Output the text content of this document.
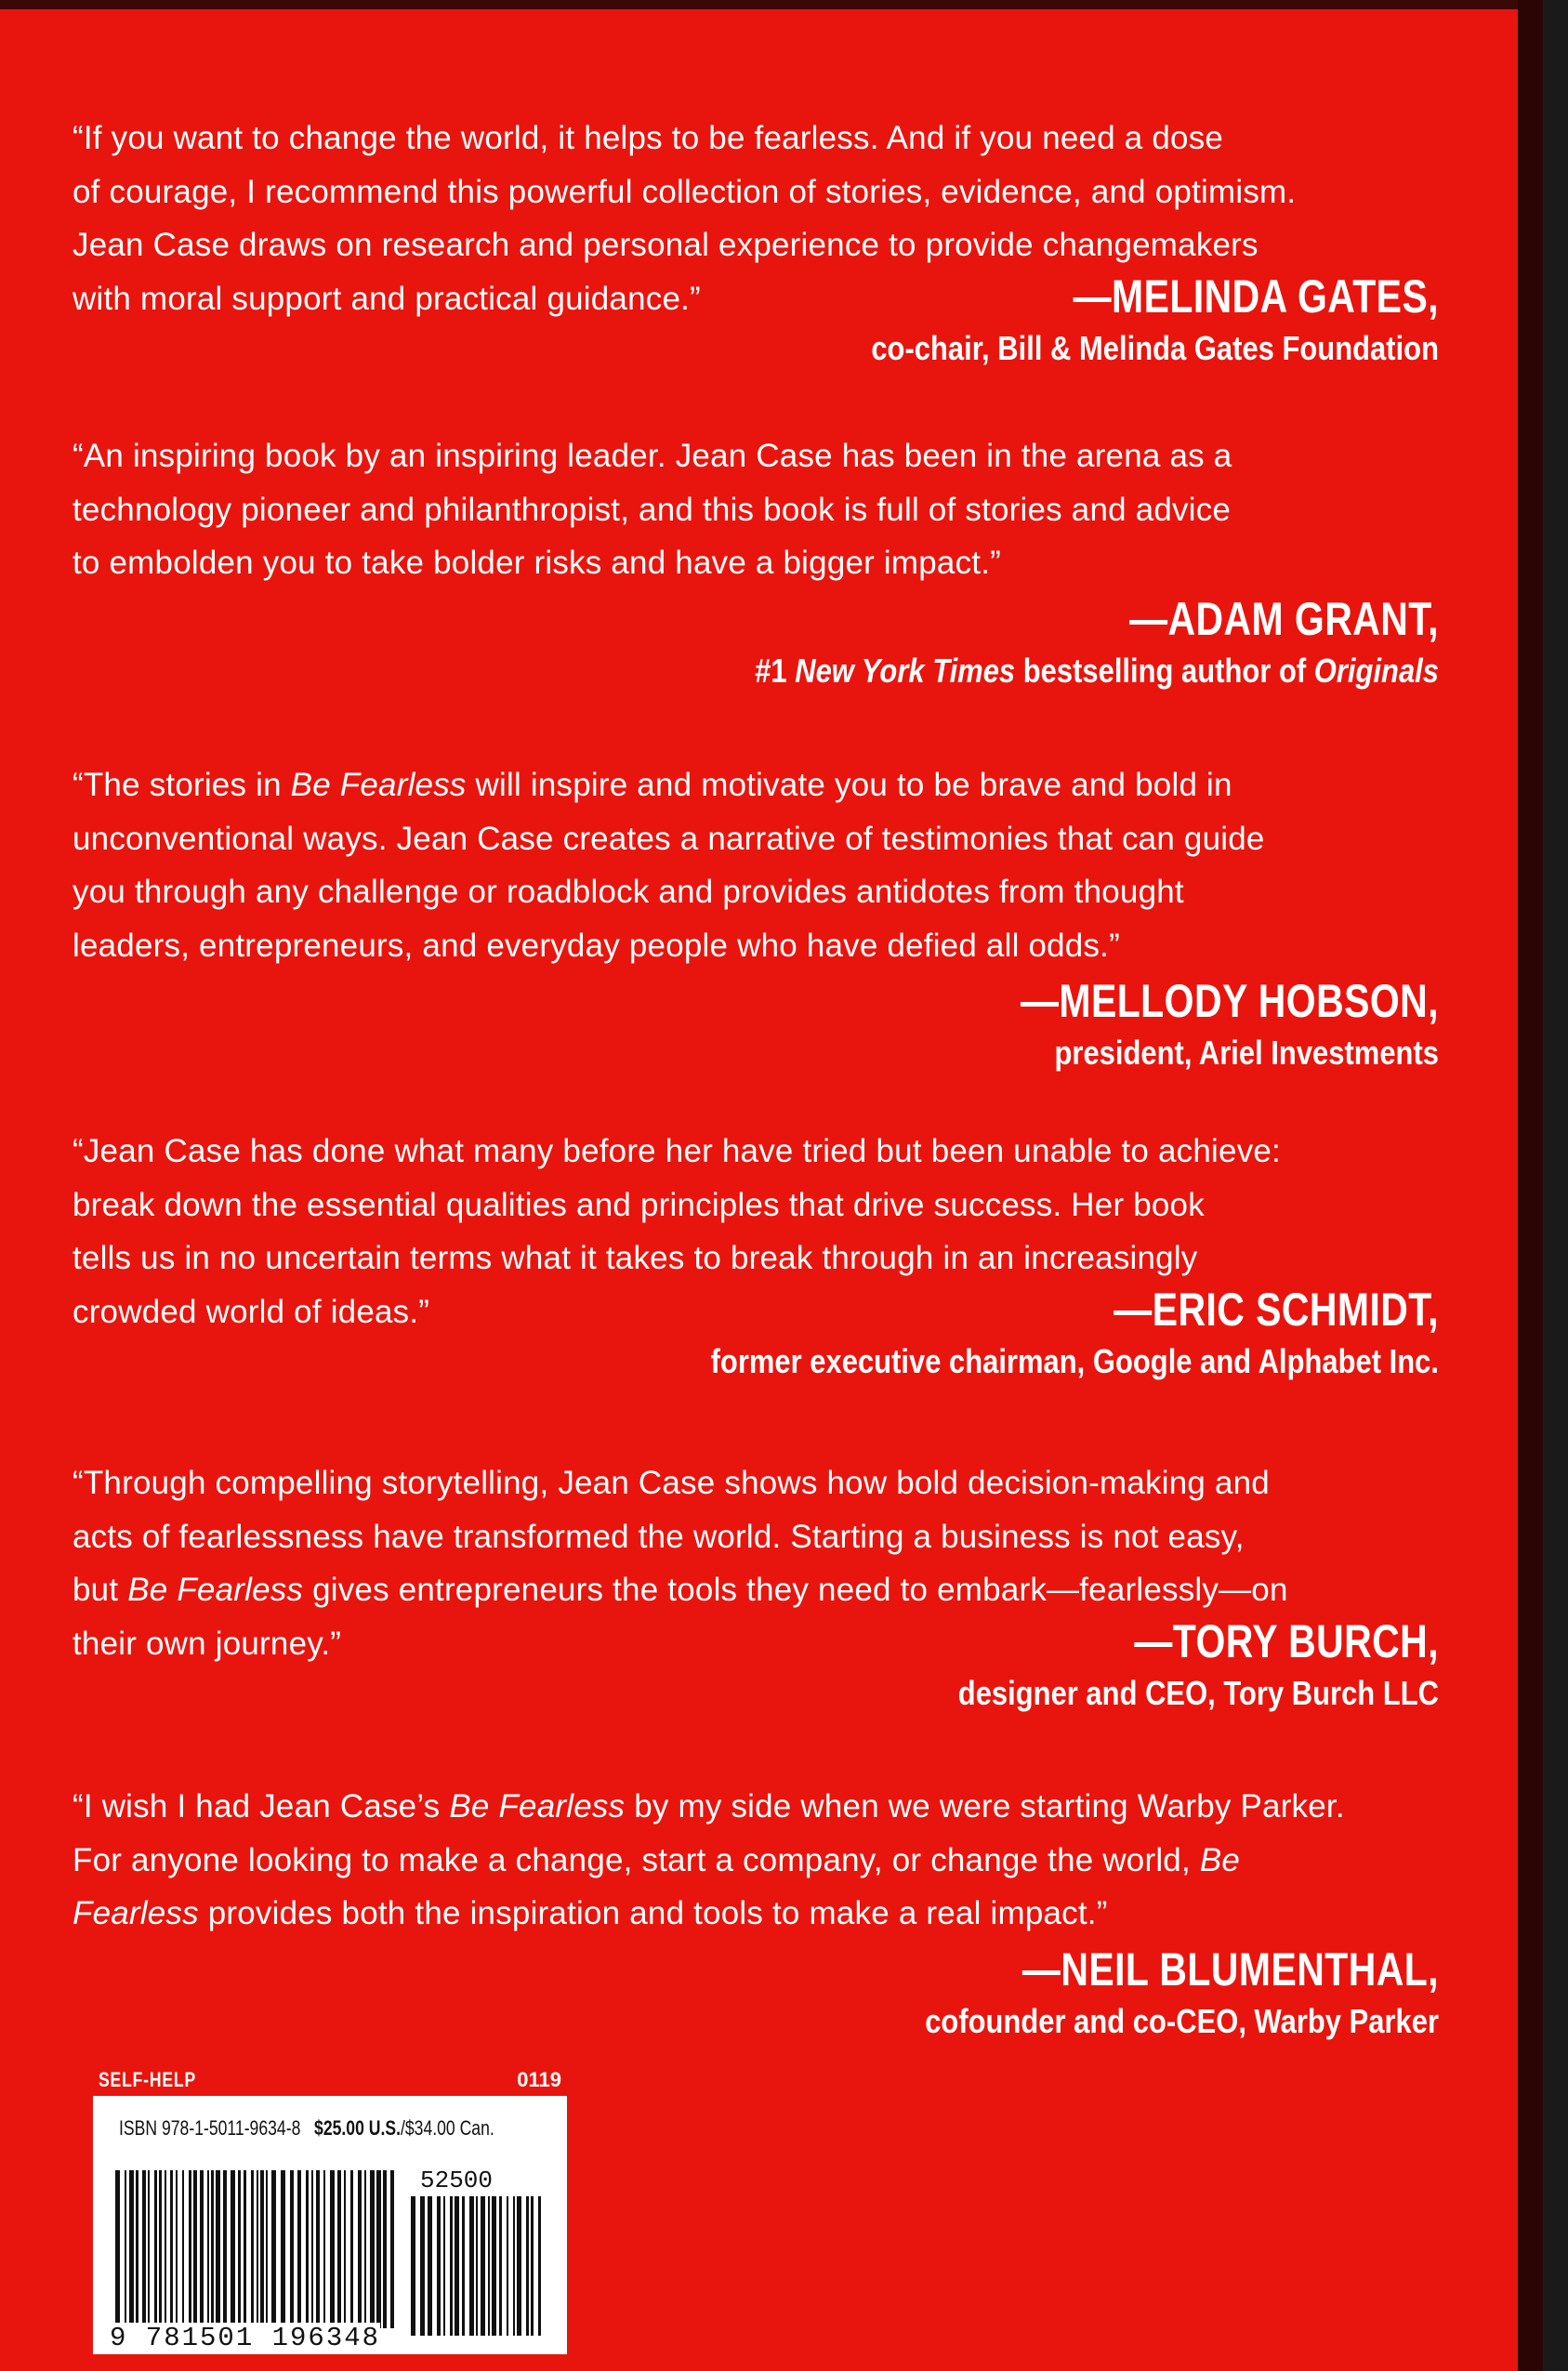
“If you want to change the world, it helps to be fearless. And if you need a dose
of courage, I recommend this powerful collection of stories, evidence, and optimism.
Jean Case draws on research and personal experience to provide changemakers
with moral support and practical guidance.”	—MELINDA GATES,
co-chair, Bill & Melinda Gates Foundation

“An inspiring book by an inspiring leader. Jean Case has been in the arena as a
technology pioneer and philanthropist, and this book is full of stories and advice
to embolden you to take bolder risks and have a bigger impact.”

—ADAM GRANT,
#1 New York Times bestselling author of Originals

“The stories in Be Fearless will inspire and motivate you to be brave and bold in
unconventional ways. Jean Case creates a narrative of testimonies that can guide
you through any challenge or roadblock and provides antidotes from thought
leaders, entrepreneurs, and everyday people who have defied all odds.”

—MELLODY HOBSON,
president, Ariel Investments

“Jean Case has done what many before her have tried but been unable to achieve:
break down the essential qualities and principles that drive success. Her book
tells us in no uncertain terms what it takes to break through in an increasingly
crowded world of ideas.”	—ERIC SCHMIDT,
former executive chairman, Google and Alphabet Inc.

“Through compelling storytelling, Jean Case shows how bold decision-making and
acts of fearlessness have transformed the world. Starting a business is not easy,
but Be Fearless gives entrepreneurs the tools they need to embark—fearlessly—on
their own journey.”	—TORY BURCH,
designer and CEO, Tory Burch LLC

“I wish I had Jean Case’s Be Fearless by my side when we were starting Warby Parker.
For anyone looking to make a change, start a company, or change the world, Be
Fearless provides both the inspiration and tools to make a real impact.”

—NEIL BLUMENTHAL,
cofounder and co-CEO, Warby Parker
SELF-HELP	0119
ISBN 978-1-5011-9634-8 $25.00 U.S./$34.00 Can.
9 781501 196348
52500
